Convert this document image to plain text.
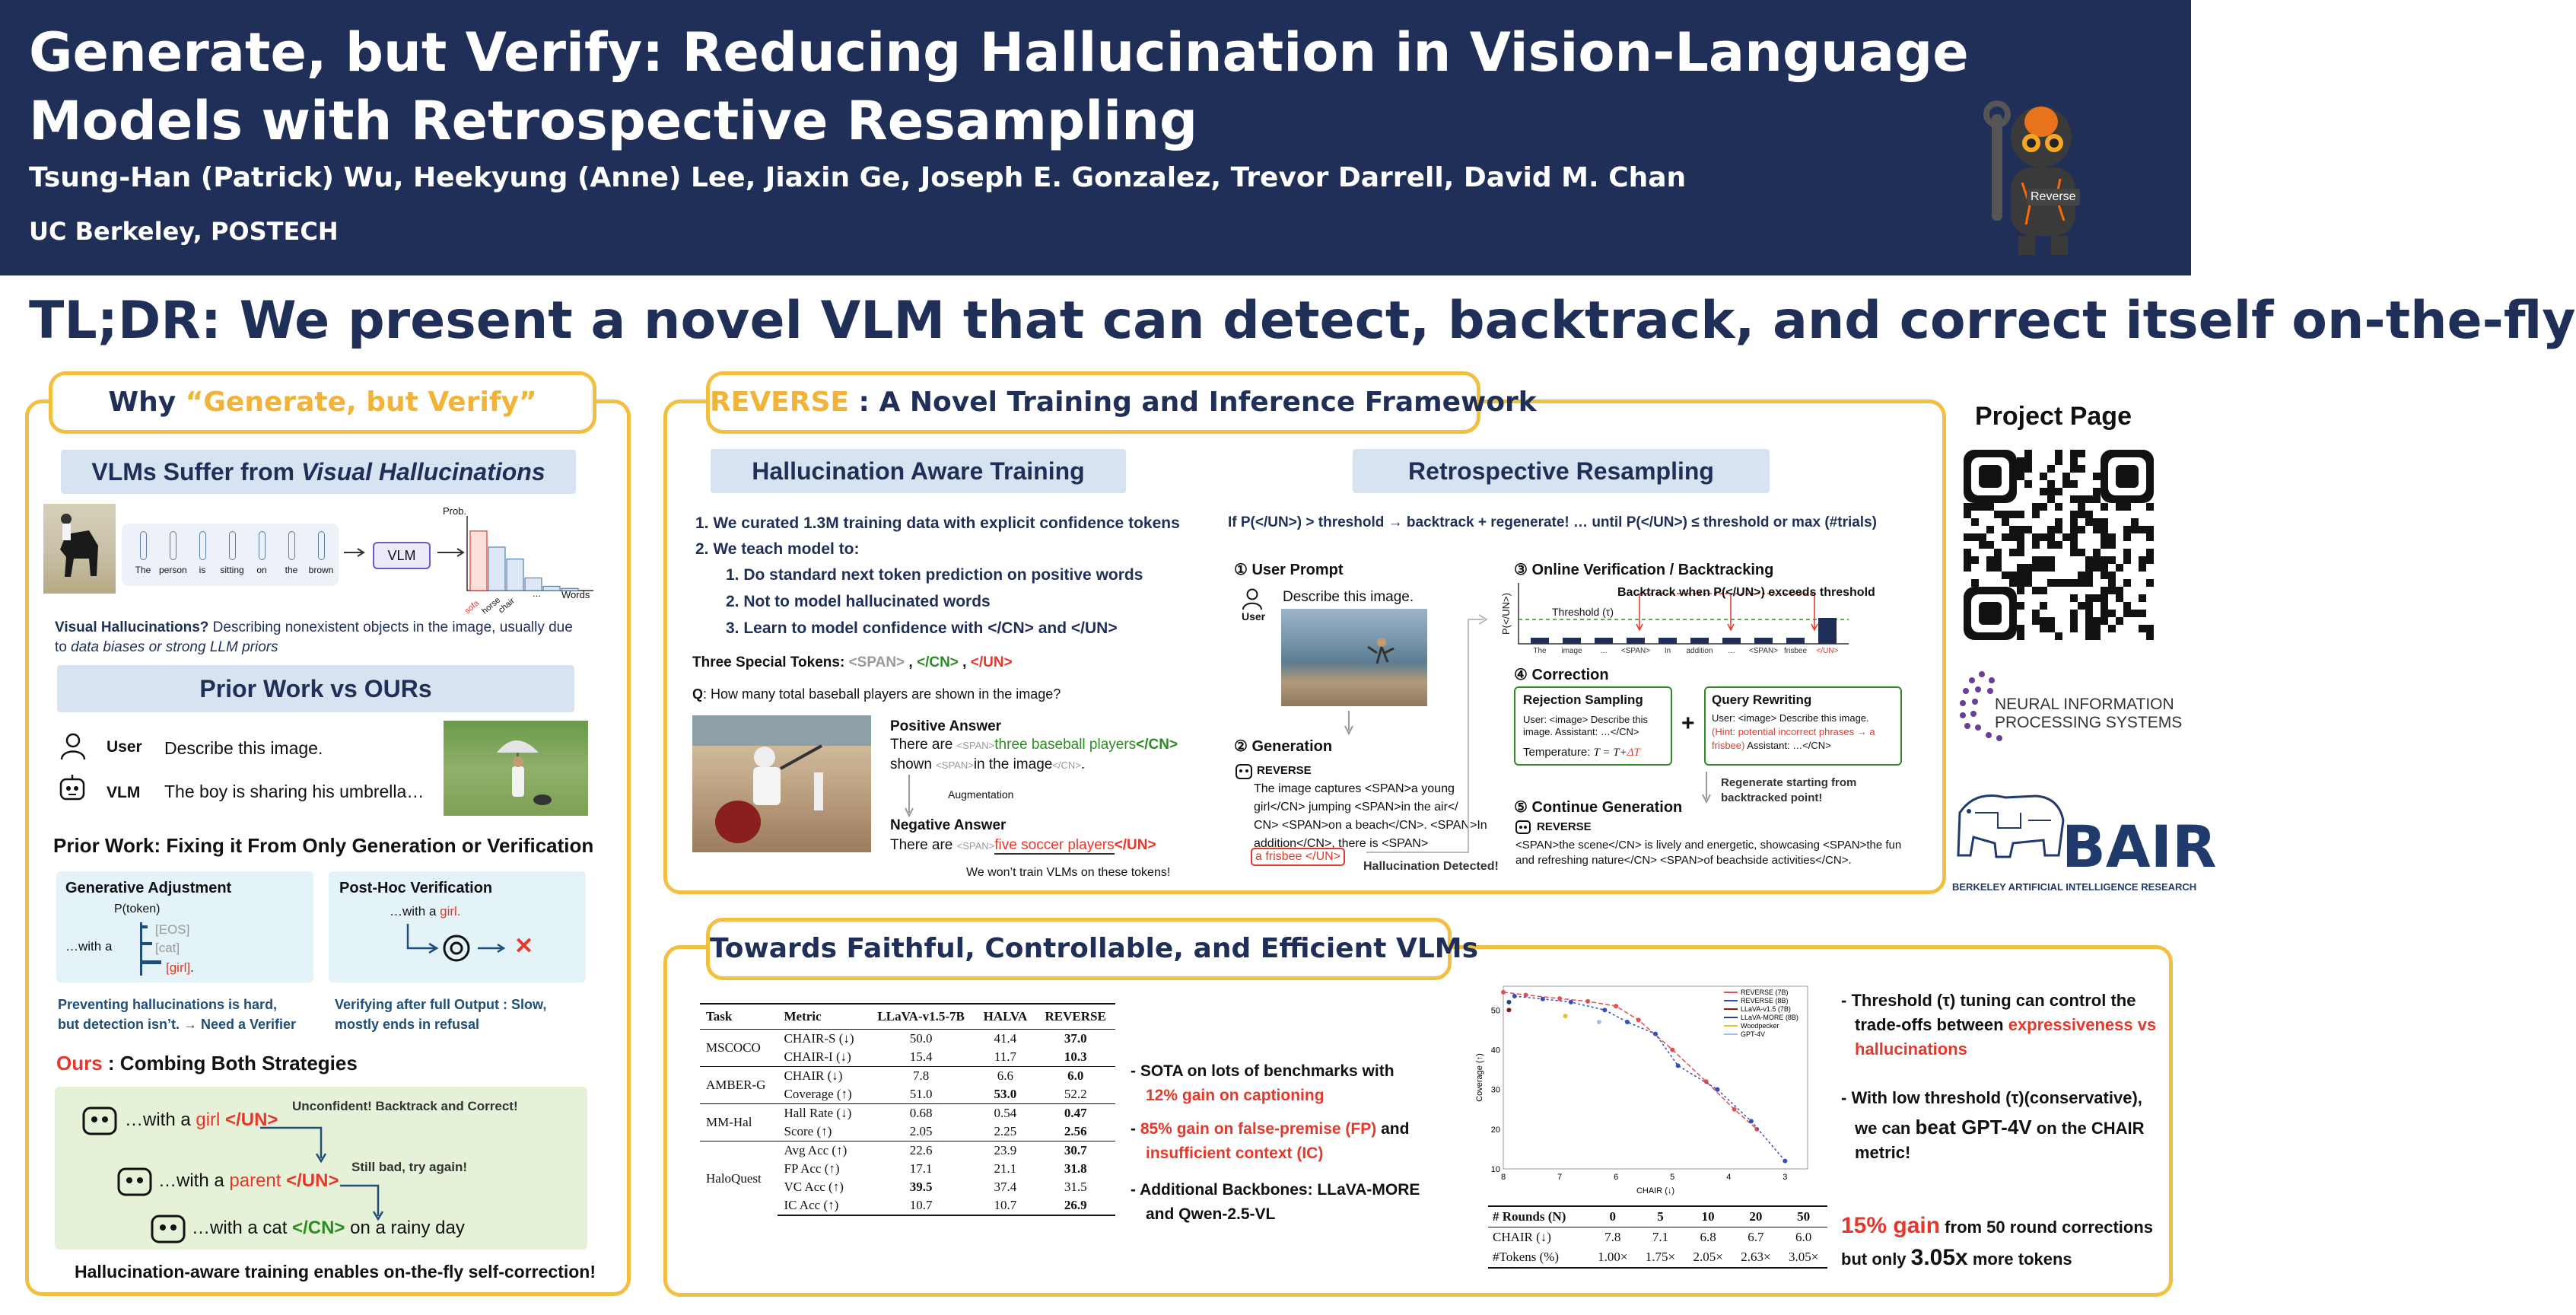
Generate, but Verify: Reducing Hallucination in Vision-Language Models with Retrospective Resampling
Tsung-Han (Patrick) Wu, Heekyung (Anne) Lee, Jiaxin Ge, Joseph E. Gonzalez, Trevor Darrell, David M. Chan
UC Berkeley, POSTECH
Reverse
TL;DR: We present a novel VLM that can detect, backtrack, and correct itself on-the-fly
Why “Generate, but Verify”
VLMs Suffer from Visual Hallucinations
The person	is	sitting	on	the	brown
VLM
Prob.
Words
sofa horse
chair
...
Visual Hallucinations? Describing nonexistent objects in the image, usually due
to data biases or strong LLM priors
Prior Work vs OURs
User Describe this image.
VLM The boy is sharing his umbrella…
Prior Work: Fixing it From Only Generation or Verification
Generative Adjustment
P(token)
…with a
[EOS]
[cat]
[girl].
Post-Hoc Verification
…with a girl.
✕
Preventing hallucinations is hard,
but detection isn’t. → Need a Verifier
Verifying after full Output : Slow,
mostly ends in refusal
Ours : Combing Both Strategies
…with a girl </UN>
Unconfident! Backtrack and Correct!
…with a parent </UN>
Still bad, try again!
…with a cat </CN> on a rainy day
Hallucination-aware training enables on-the-fly self-correction!
REVERSE : A Novel Training and Inference Framework
Hallucination Aware Training	Retrospective Resampling
1. We curated 1.3M training data with explicit confidence tokens
2. We teach model to:
1. Do standard next token prediction on positive words
2. Not to model hallucinated words
3. Learn to model confidence with </CN> and </UN>
Three Special Tokens: <SPAN> , </CN> , </UN>
Q: How many total baseball players are shown in the image?
Positive Answer
There are <SPAN>three baseball players</CN>
shown <SPAN>in the image</CN>.
Augmentation
Negative Answer
There are <SPAN>five soccer players</UN>
We won’t train VLMs on these tokens!
If P(</UN>) > threshold → backtrack + regenerate! … until P(</UN>) ≤ threshold or max (#trials)
① User Prompt
User
Describe this image.
② Generation
REVERSE
The image captures <SPAN>a young
girl</CN> jumping <SPAN>in the air</
CN> <SPAN>on a beach</CN>. <SPAN>In
addition</CN>, there is <SPAN>
a frisbee </UN>
Hallucination Detected!
③ Online Verification / Backtracking
The image … <SPAN> In addition … <SPAN> frisbee </UN>
P(</UN>)
Backtrack when P(</UN>) exceeds threshold
Threshold (τ)
④ Correction
Rejection Sampling
User: <image> Describe this
image. Assistant: …</CN>
Temperature: T = T+ΔT
+
Query Rewriting
User: <image> Describe this image.
(Hint: potential incorrect phrases → a
frisbee) Assistant: …</CN>
Regenerate starting from
backtracked point!
⑤ Continue Generation
REVERSE
<SPAN>the scene</CN> is lively and energetic, showcasing <SPAN>the fun
and refreshing nature</CN> <SPAN>of beachside activities</CN>.
Project Page
NEURAL INFORMATION
PROCESSING SYSTEMS
BAIR
BERKELEY ARTIFICIAL INTELLIGENCE RESEARCH
Towards Faithful, Controllable, and Efficient VLMs
Task	Metric	LLaVA-v1.5-7B	HALVA	REVERSE
MSCOCO	CHAIR-S (↓)	50.0	41.4	37.0
	CHAIR-I (↓)	15.4	11.7	10.3
AMBER-G	CHAIR (↓)	7.8	6.6	6.0
	Coverage (↑)	51.0	53.0	52.2
MM-Hal	Hall Rate (↓)	0.68	0.54	0.47
	Score (↑)	2.05	2.25	2.56
HaloQuest	Avg Acc (↑)	22.6	23.9	30.7
	FP Acc (↑)	17.1	21.1	31.8
	VC Acc (↑)	39.5	37.4	31.5
	IC Acc (↑)	10.7	10.7	26.9
- SOTA on lots of benchmarks with
12% gain on captioning
- 85% gain on false-premise (FP) and
insufficient context (IC)
- Additional Backbones: LLaVA-MORE
and Qwen-2.5-VL
8	7	6	5	4	3
50
40
30
20
10
CHAIR (↓)
Coverage (↑)
REVERSE (7B)
REVERSE (8B)
LLaVA-v1.5 (7B)
LLaVA-MORE (8B)
Woodpecker
GPT-4V
# Rounds (N)	0	5	10	20	50
CHAIR (↓)	7.8	7.1	6.8	6.7	6.0
#Tokens (%)	1.00×	1.75×	2.05×	2.63×	3.05×
- Threshold (τ) tuning can control the
trade-offs between expressiveness vs
hallucinations
- With low threshold (τ)(conservative),
we can beat GPT-4V on the CHAIR
metric!
15% gain from 50 round corrections
but only 3.05x more tokens
